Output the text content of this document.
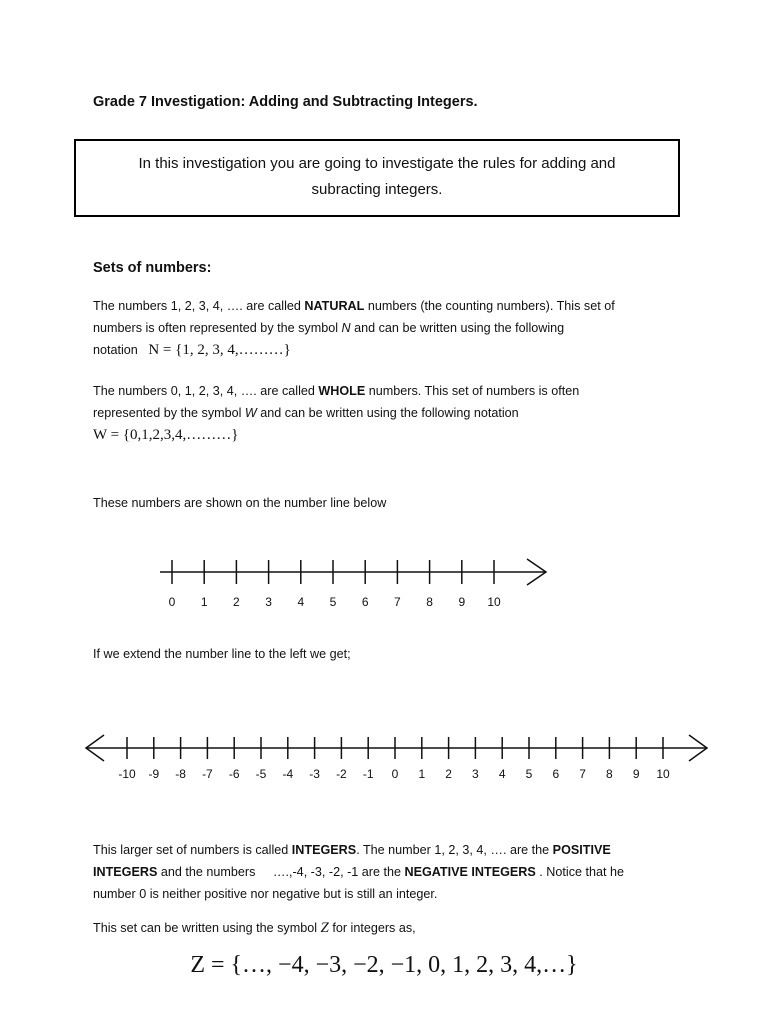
Grade 7 Investigation: Adding and Subtracting Integers.
In this investigation you are going to investigate the rules for adding and
subracting integers.
Sets of numbers:
The numbers 1, 2, 3, 4, …. are called NATURAL numbers (the counting numbers). This set of
numbers is often represented by the symbol N and can be written using the following
notation N = {1, 2, 3, 4,………}
The numbers 0, 1, 2, 3, 4, …. are called WHOLE numbers. This set of numbers is often
represented by the symbol W and can be written using the following notation
W = {0,1,2,3,4,………}
These numbers are shown on the number line below
0 1 2 3 4 5 6 7 8 9 10
If we extend the number line to the left we get;
-10 -9 -8 -7 -6 -5 -4 -3 -2 -1 0 1 2 3 4 5 6 7 8 9 10
This larger set of numbers is called INTEGERS. The number 1, 2, 3, 4, …. are the POSITIVE
INTEGERS and the numbers     ….,-4, -3, -2, -1 are the NEGATIVE INTEGERS . Notice that he
number 0 is neither positive nor negative but is still an integer.
This set can be written using the symbol Z for integers as,
Z = {…, −4, −3, −2, −1, 0, 1, 2, 3, 4,…}
